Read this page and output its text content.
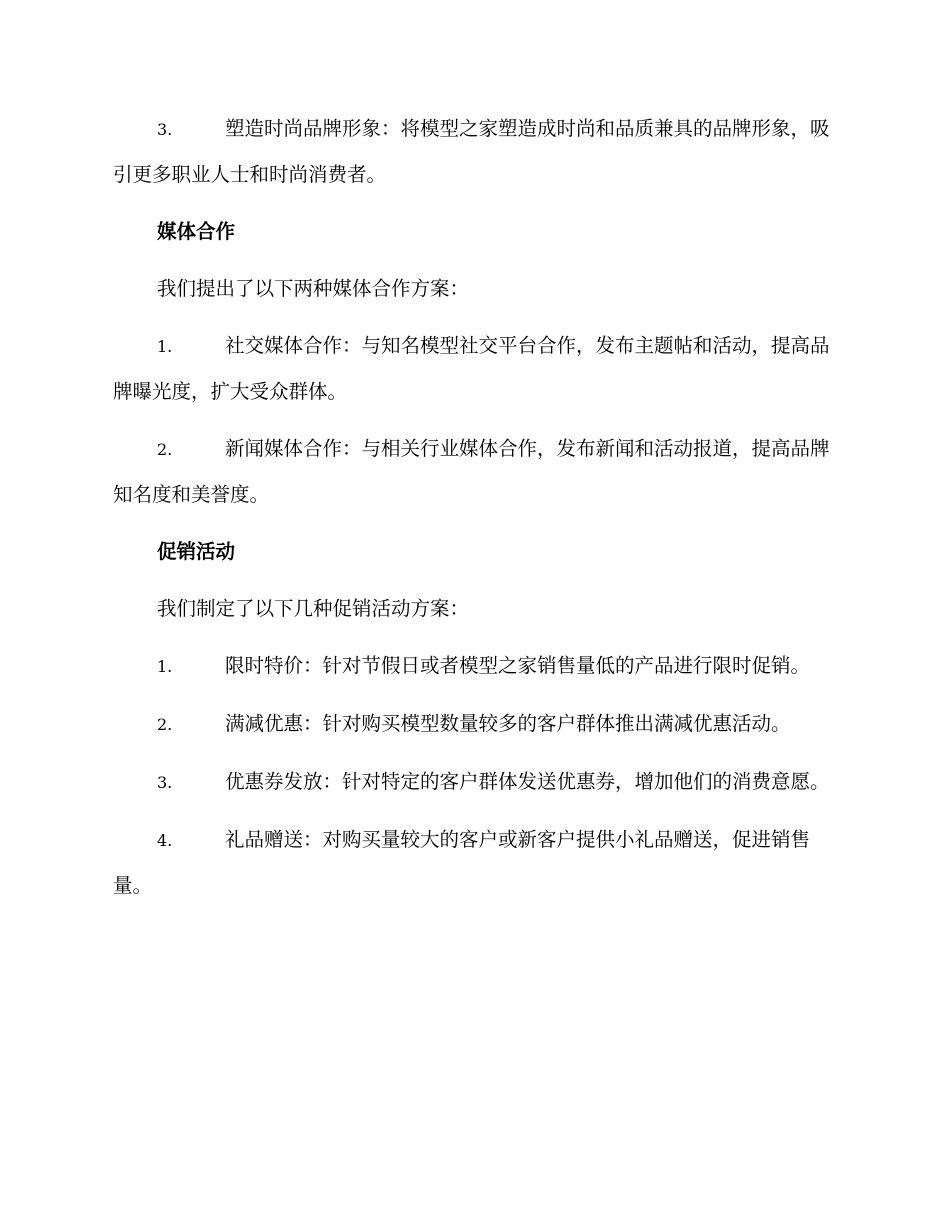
3.	塑造时尚品牌形象：将模型之家塑造成时尚和品质兼具的品牌形象，吸引更多职业人士和时尚消费者。

媒体合作

我们提出了以下两种媒体合作方案：

1.	社交媒体合作：与知名模型社交平台合作，发布主题帖和活动，提高品牌曝光度，扩大受众群体。

2.	新闻媒体合作：与相关行业媒体合作，发布新闻和活动报道，提高品牌知名度和美誉度。

促销活动

我们制定了以下几种促销活动方案：

1.	限时特价：针对节假日或者模型之家销售量低的产品进行限时促销。

2.	满减优惠：针对购买模型数量较多的客户群体推出满减优惠活动。

3.	优惠券发放：针对特定的客户群体发送优惠券，增加他们的消费意愿。

4.	礼品赠送：对购买量较大的客户或新客户提供小礼品赠送，促进销售量。
